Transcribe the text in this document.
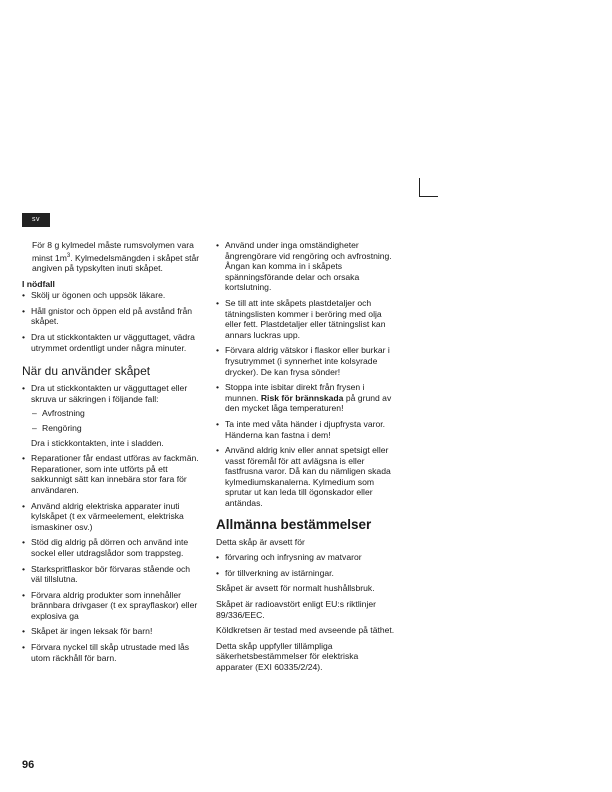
sv

För 8 g kylmedel måste rumsvolymen vara minst $1m^3$. Kylmedelsmängden i skåpet står angiven på typskylten inuti skåpet.

I nödfall

• Skölj ur ögonen och uppsök läkare.
• Håll gnistor och öppen eld på avstånd från skåpet.
• Dra ut stickkontakten ur vägguttaget, vädra utrymmet ordentligt under några minuter.
När du använder skåpet
• Dra ut stickkontakten ur vägguttaget eller skruva ur säkringen i följande fall:
– Avfrostning
– Rengöring
Dra i stickkontakten, inte i sladden.
• Reparationer får endast utföras av fackmän. Reparationer, som inte utförts på ett sakkunnigt sätt kan innebära stor fara för användaren.
• Använd aldrig elektriska apparater inuti kylskåpet (t ex värmeelement, elektriska ismaskiner osv.)
• Stöd dig aldrig på dörren och använd inte sockel eller utdragslådor som trappsteg.
• Starkspritflaskor bör förvaras stående och väl tillslutna.
• Förvara aldrig produkter som innehåller brännbara drivgaser (t ex sprayflaskor) eller explosiva ga
• Skåpet är ingen leksak för barn!
• Förvara nyckel till skåp utrustade med lås utom räckhåll för barn.
• Använd under inga omständigheter ångrengörare vid rengöring och avfrostning. Ångan kan komma in i skåpets spänningsförande delar och orsaka kortslutning.
• Se till att inte skåpets plastdetaljer och tätningslisten kommer i beröring med olja eller fett. Plastdetaljer eller tätningslist kan annars luckras upp.
• Förvara aldrig vätskor i flaskor eller burkar i frysutrymmet (i synnerhet inte kolsyrade drycker). De kan frysa sönder!
• Stoppa inte isbitar direkt från frysen i munnen. Risk för brännskada på grund av den mycket låga temperaturen!
• Ta inte med våta händer i djupfrysta varor. Händerna kan fastna i dem!
• Använd aldrig kniv eller annat spetsigt eller vasst föremål för att avlägsna is eller fastfrusna varor. Då kan du nämligen skada kylmediumskanalerna. Kylmedium som sprutar ut kan leda till ögonskador eller antändas.
Allmänna bestämmelser

Detta skåp är avsett för

• förvaring och infrysning av matvaror
• för tillverkning av istärningar.

Skåpet är avsett för normalt hushållsbruk.

Skåpet är radioavstört enligt EU:s riktlinjer 89/336/EEC.

Köldkretsen är testad med avseende på täthet.

Detta skåp uppfyller tillämpliga säkerhetsbestämmelser för elektriska apparater (EXI 60335/2/24).

96
